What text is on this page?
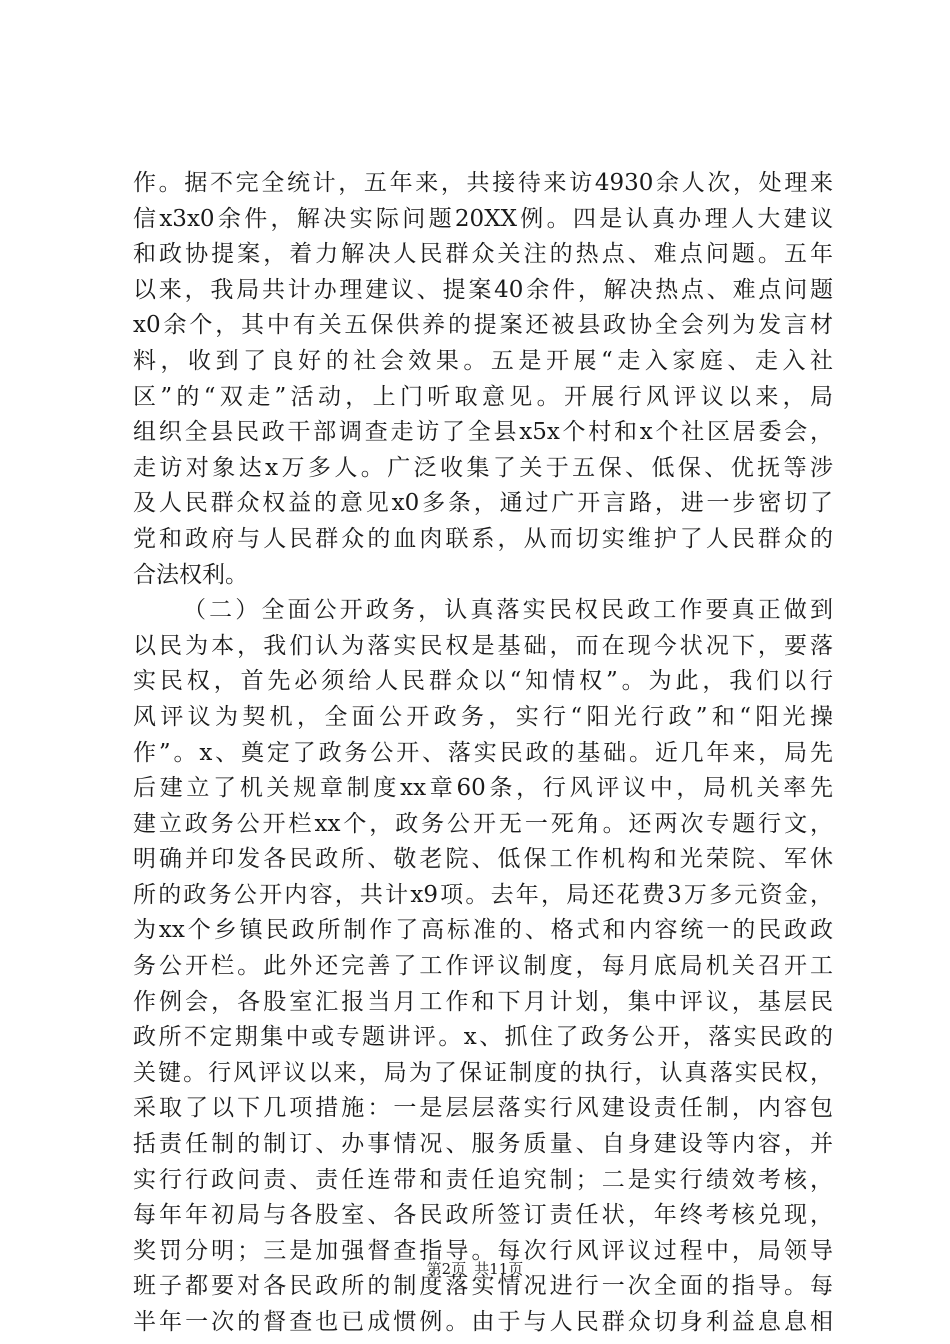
作。据不完全统计，五年来，共接待来访4930余人次，处理来
信x3x0余件，解决实际问题20XX例。四是认真办理人大建议
和政协提案，着力解决人民群众关注的热点、难点问题。五年
以来，我局共计办理建议、提案40余件，解决热点、难点问题
x0余个，其中有关五保供养的提案还被县政协全会列为发言材
料，收到了良好的社会效果。五是开展“走入家庭、走入社
区”的“双走”活动，上门听取意见。开展行风评议以来，局
组织全县民政干部调查走访了全县x5x个村和x个社区居委会，
走访对象达x万多人。广泛收集了关于五保、低保、优抚等涉
及人民群众权益的意见x0多条，通过广开言路，进一步密切了
党和政府与人民群众的血肉联系，从而切实维护了人民群众的
合法权利。
（二）全面公开政务，认真落实民权民政工作要真正做到
以民为本，我们认为落实民权是基础，而在现今状况下，要落
实民权，首先必须给人民群众以“知情权”。为此，我们以行
风评议为契机，全面公开政务，实行“阳光行政”和“阳光操
作”。x、奠定了政务公开、落实民政的基础。近几年来，局先
后建立了机关规章制度xx章60条，行风评议中，局机关率先
建立政务公开栏xx个，政务公开无一死角。还两次专题行文，
明确并印发各民政所、敬老院、低保工作机构和光荣院、军休
所的政务公开内容，共计x9项。去年，局还花费3万多元资金，
为xx个乡镇民政所制作了高标准的、格式和内容统一的民政政
务公开栏。此外还完善了工作评议制度，每月底局机关召开工
作例会，各股室汇报当月工作和下月计划，集中评议，基层民
政所不定期集中或专题讲评。x、抓住了政务公开，落实民政的
关键。行风评议以来，局为了保证制度的执行，认真落实民权，
采取了以下几项措施：一是层层落实行风建设责任制，内容包
括责任制的制订、办事情况、服务质量、自身建设等内容，并
实行行政问责、责任连带和责任追究制；二是实行绩效考核，
每年年初局与各股室、各民政所签订责任状，年终考核兑现，
奖罚分明；三是加强督查指导。每次行风评议过程中，局领导
班子都要对各民政所的制度落实情况进行一次全面的指导。每
半年一次的督查也已成惯例。由于与人民群众切身利益息息相
第2页 共11页
